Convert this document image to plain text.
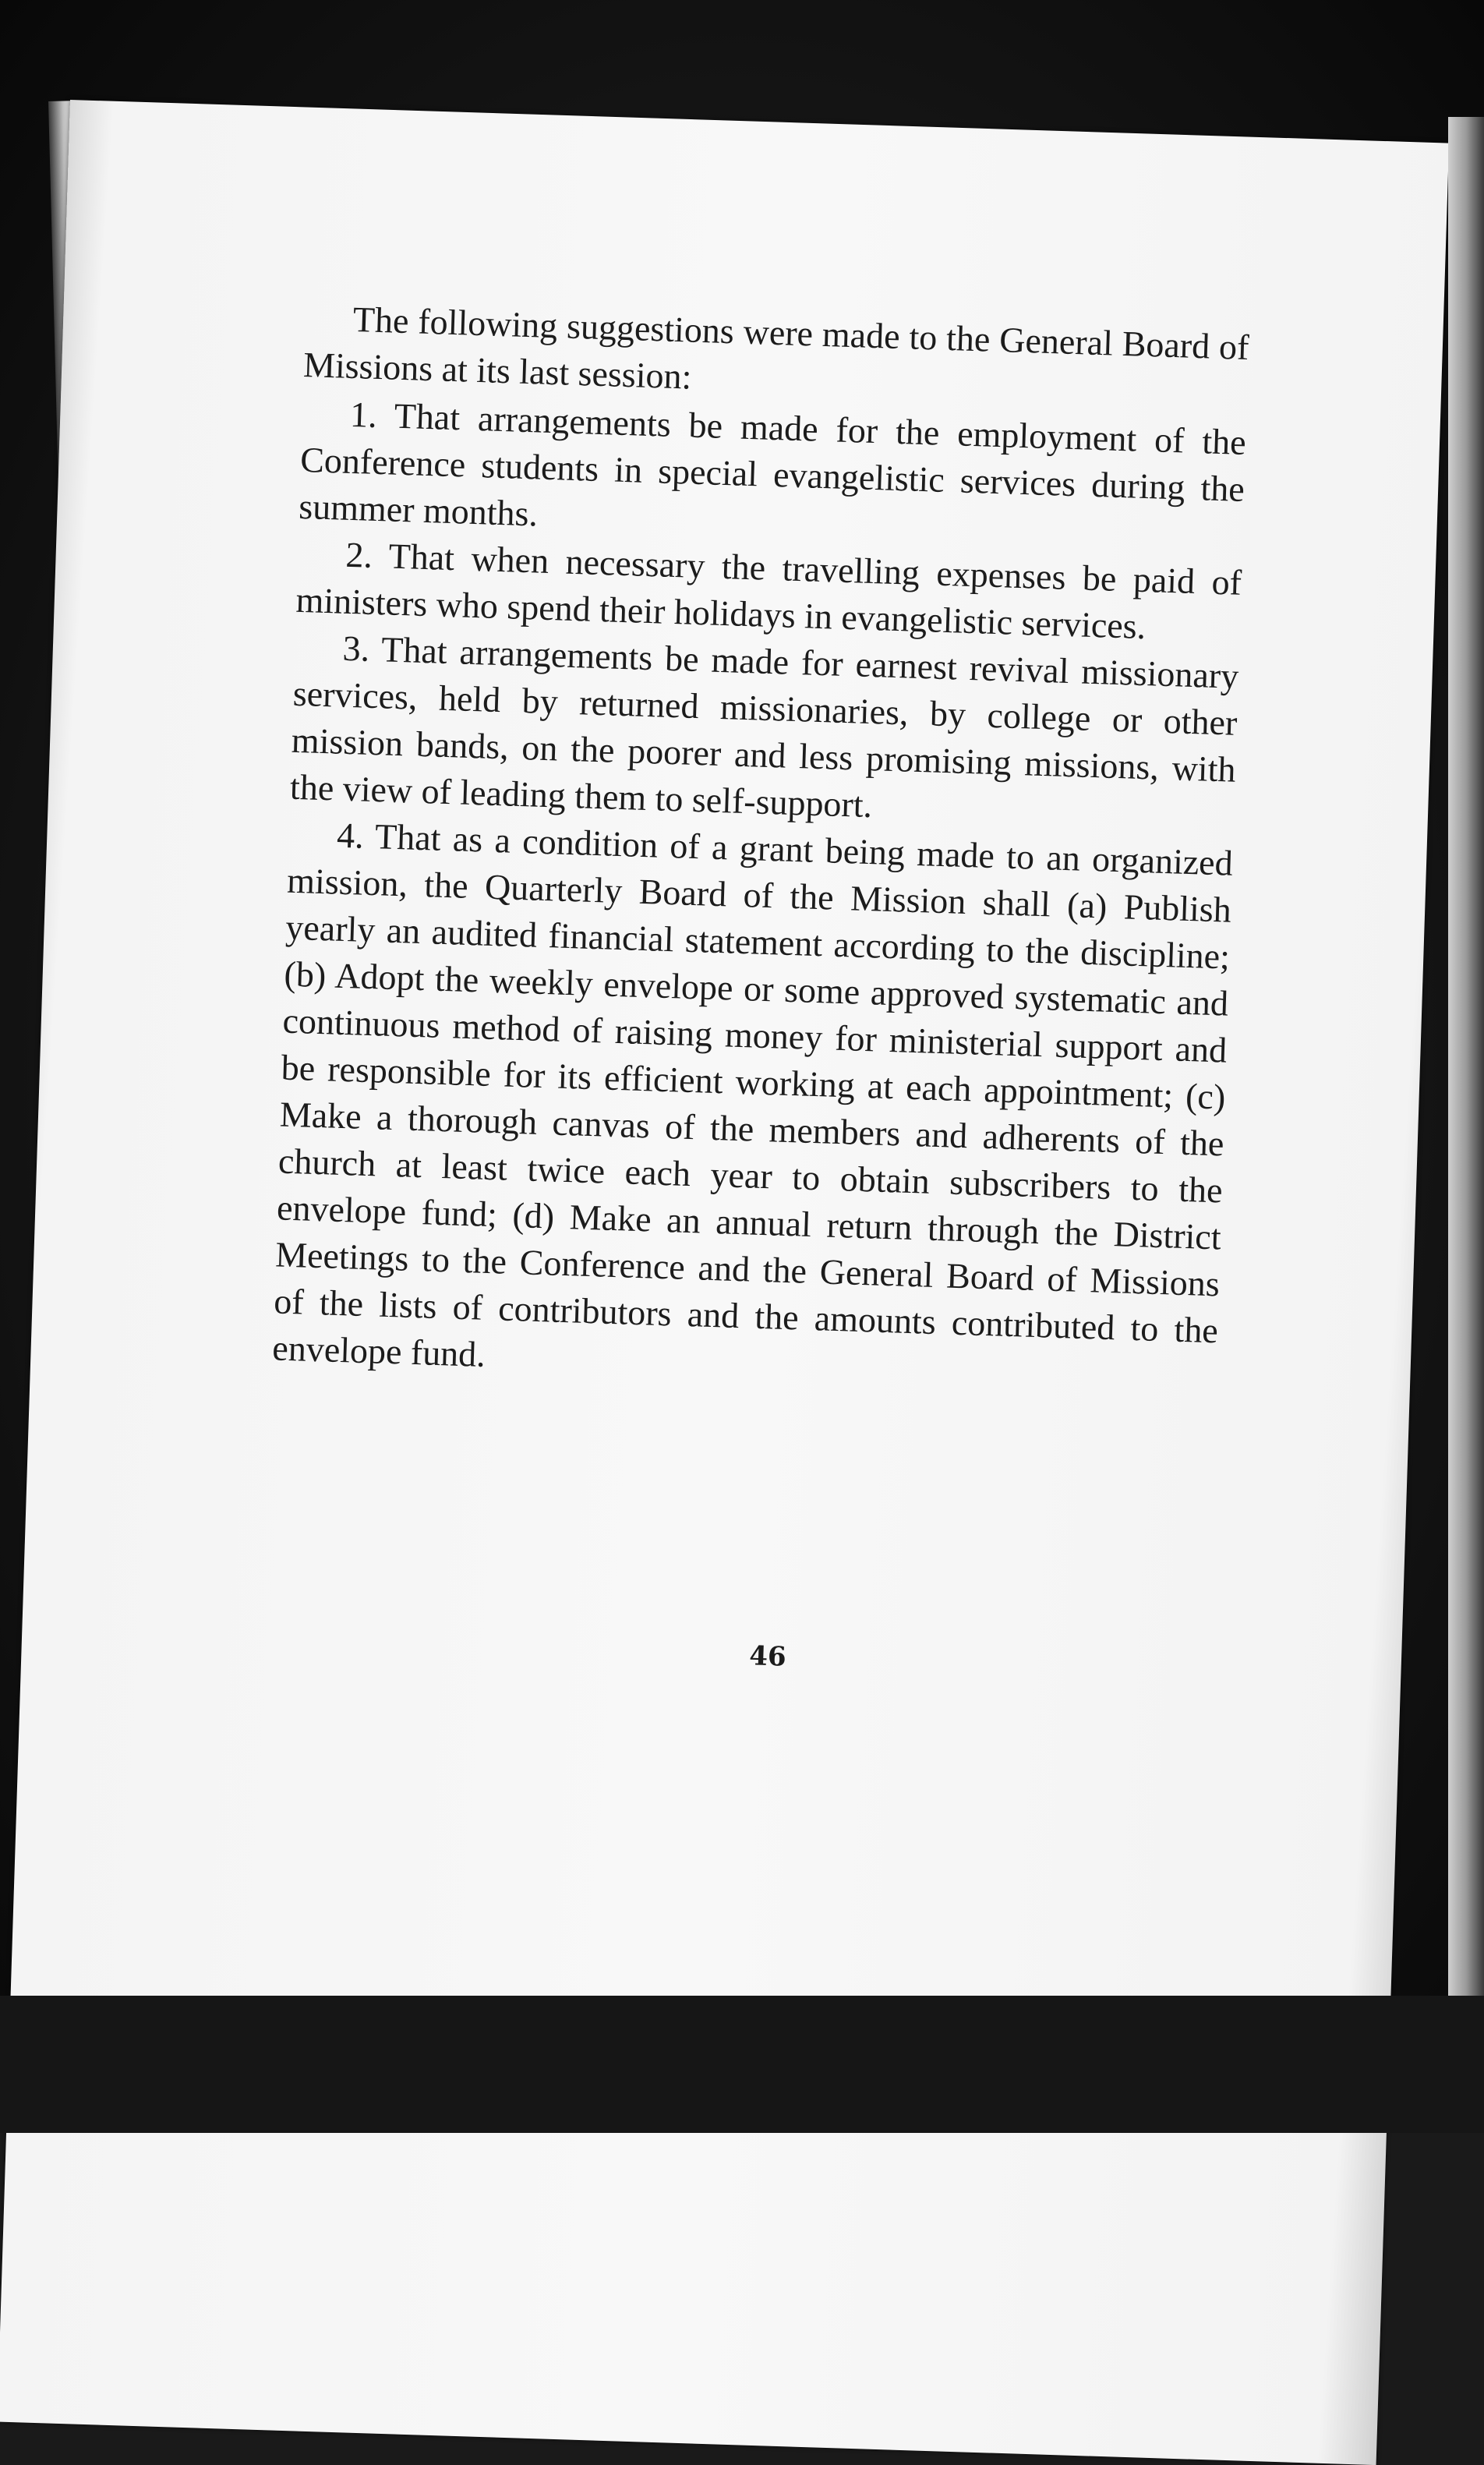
The following suggestions were made to the General Board of Missions at its last session:

1. That arrangements be made for the employment of the Conference students in special evangelistic services during the summer months.

2. That when necessary the travelling expenses be paid of ministers who spend their holidays in evangelistic services.

3. That arrangements be made for earnest revival missionary services, held by returned missionaries, by college or other mission bands, on the poorer and less promising missions, with the view of leading them to self-support.

4. That as a condition of a grant being made to an organized mission, the Quarterly Board of the Mission shall (a) Publish yearly an audited financial statement according to the discipline; (b) Adopt the weekly envelope or some approved systematic and continuous method of raising money for ministerial support and be responsible for its efficient working at each appointment; (c) Make a thorough canvas of the members and adherents of the church at least twice each year to obtain subscribers to the envelope fund; (d) Make an annual return through the District Meetings to the Conference and the General Board of Missions of the lists of contributors and the amounts contributed to the envelope fund.

46
